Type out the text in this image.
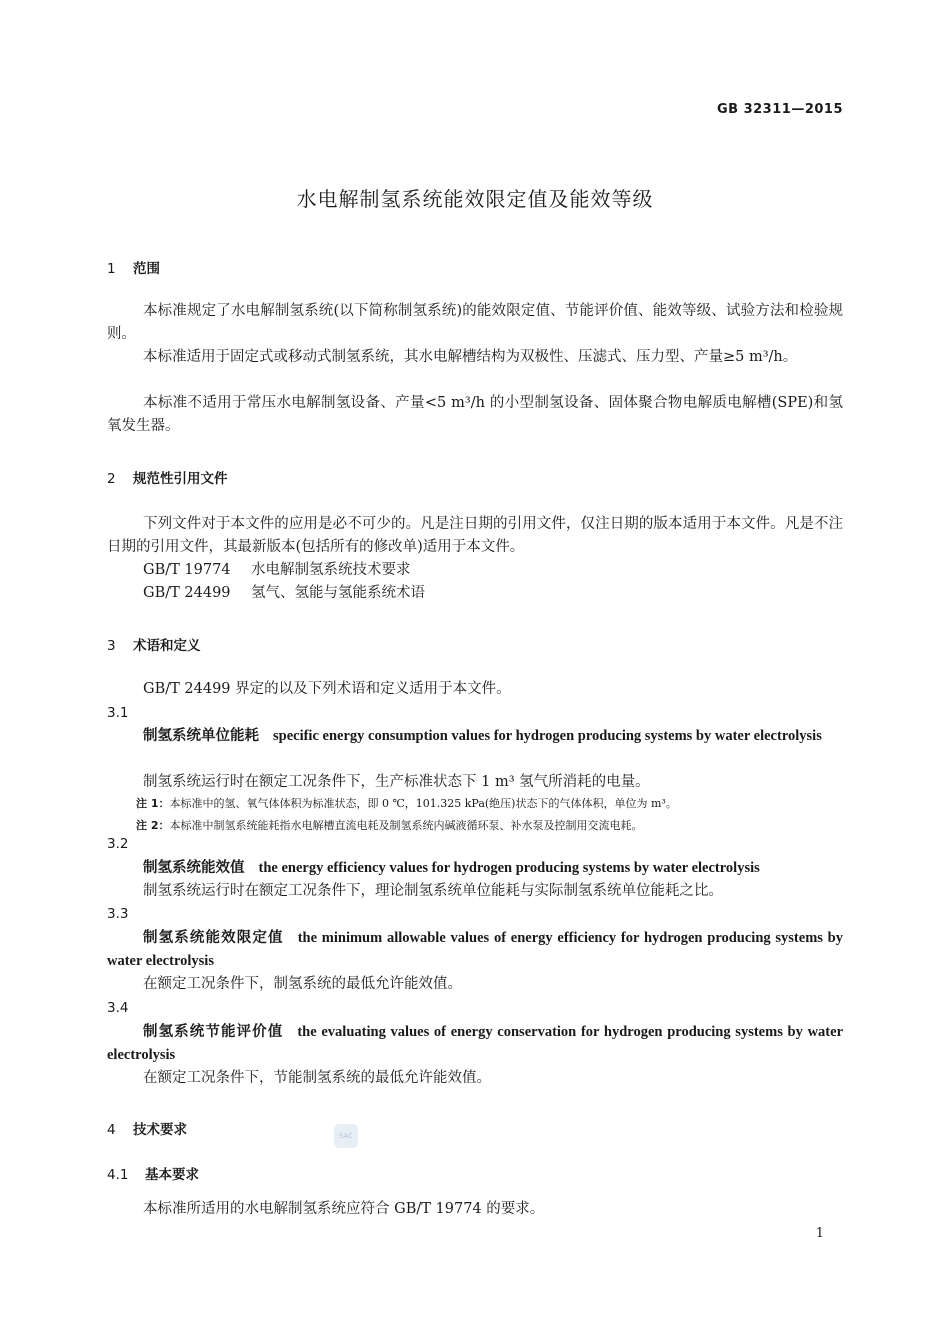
GB 32311—2015
水电解制氢系统能效限定值及能效等级
1 范围
本标准规定了水电解制氢系统(以下简称制氢系统)的能效限定值、节能评价值、能效等级、试验方法和检验规则。
本标准适用于固定式或移动式制氢系统，其水电解槽结构为双极性、压滤式、压力型、产量≥5 m³/h。
本标准不适用于常压水电解制氢设备、产量<5 m³/h 的小型制氢设备、固体聚合物电解质电解槽(SPE)和氢氧发生器。
2 规范性引用文件
下列文件对于本文件的应用是必不可少的。凡是注日期的引用文件，仅注日期的版本适用于本文件。凡是不注日期的引用文件，其最新版本(包括所有的修改单)适用于本文件。
GB/T 19774 水电解制氢系统技术要求
GB/T 24499 氢气、氢能与氢能系统术语
3 术语和定义
GB/T 24499 界定的以及下列术语和定义适用于本文件。
3.1
制氢系统单位能耗 specific energy consumption values for hydrogen producing systems by water electrolysis
制氢系统运行时在额定工况条件下，生产标准状态下 1 m³ 氢气所消耗的电量。
注 1：本标准中的氢、氧气体体积为标准状态，即 0 ℃，101.325 kPa(绝压)状态下的气体体积，单位为 m³。
注 2：本标准中制氢系统能耗指水电解槽直流电耗及制氢系统内碱液循环泵、补水泵及控制用交流电耗。
3.2
制氢系统能效值 the energy efficiency values for hydrogen producing systems by water electrolysis
制氢系统运行时在额定工况条件下，理论制氢系统单位能耗与实际制氢系统单位能耗之比。
3.3
制氢系统能效限定值 the minimum allowable values of energy efficiency for hydrogen producing systems by water electrolysis
在额定工况条件下，制氢系统的最低允许能效值。
3.4
制氢系统节能评价值 the evaluating values of energy conservation for hydrogen producing systems by water electrolysis
在额定工况条件下，节能制氢系统的最低允许能效值。
4 技术要求	SAC
4.1 基本要求
本标准所适用的水电解制氢系统应符合 GB/T 19774 的要求。
1
